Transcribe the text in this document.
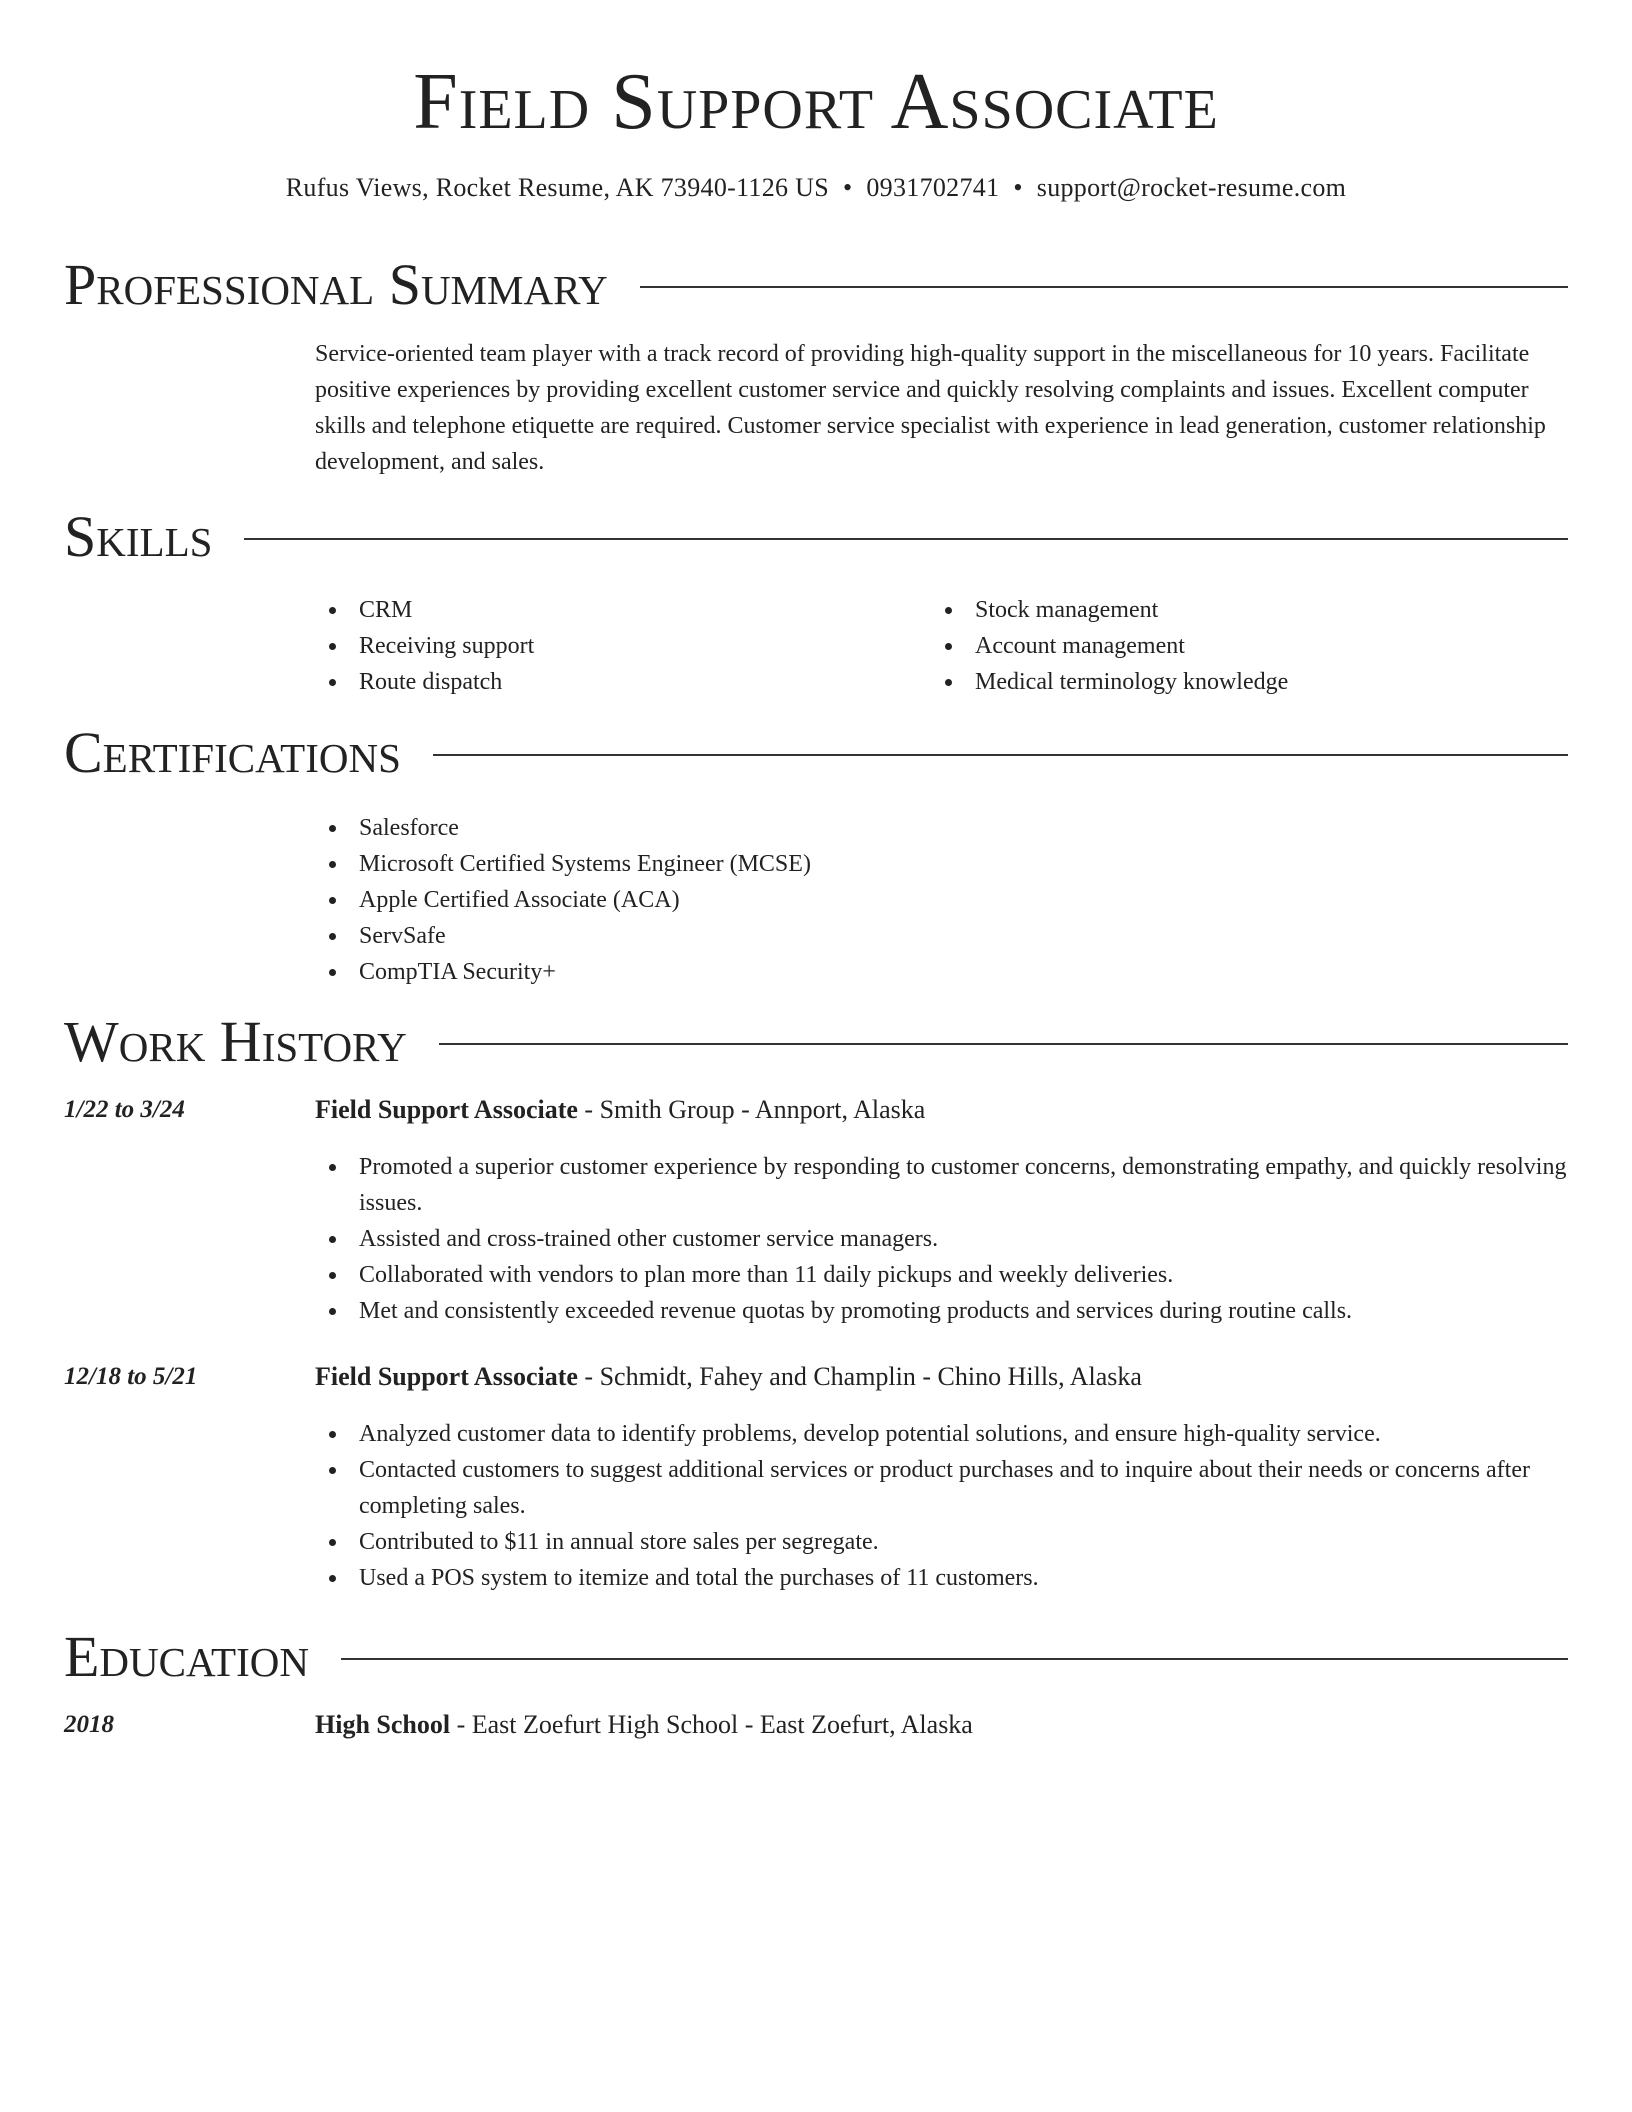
Field Support Associate
Rufus Views, Rocket Resume, AK 73940-1126 US • 0931702741 • support@rocket-resume.com
Professional Summary

Service-oriented team player with a track record of providing high-quality support in the miscellaneous for 10 years. Facilitate positive experiences by providing excellent customer service and quickly resolving complaints and issues. Excellent computer skills and telephone etiquette are required. Customer service specialist with experience in lead generation, customer relationship development, and sales.

Skills
CRM
Receiving support
Route dispatch
Stock management
Account management
Medical terminology knowledge
Certifications
Salesforce
Microsoft Certified Systems Engineer (MCSE)
Apple Certified Associate (ACA)
ServSafe
CompTIA Security+
Work History
1/22 to 3/24	Field Support Associate - Smith Group - Annport, Alaska
Promoted a superior customer experience by responding to customer concerns, demonstrating empathy, and quickly resolving issues.
Assisted and cross-trained other customer service managers.
Collaborated with vendors to plan more than 11 daily pickups and weekly deliveries.
Met and consistently exceeded revenue quotas by promoting products and services during routine calls.
12/18 to 5/21	Field Support Associate - Schmidt, Fahey and Champlin - Chino Hills, Alaska
Analyzed customer data to identify problems, develop potential solutions, and ensure high-quality service.
Contacted customers to suggest additional services or product purchases and to inquire about their needs or concerns after completing sales.
Contributed to $11 in annual store sales per segregate.
Used a POS system to itemize and total the purchases of 11 customers.
Education
2018	High School - East Zoefurt High School - East Zoefurt, Alaska
